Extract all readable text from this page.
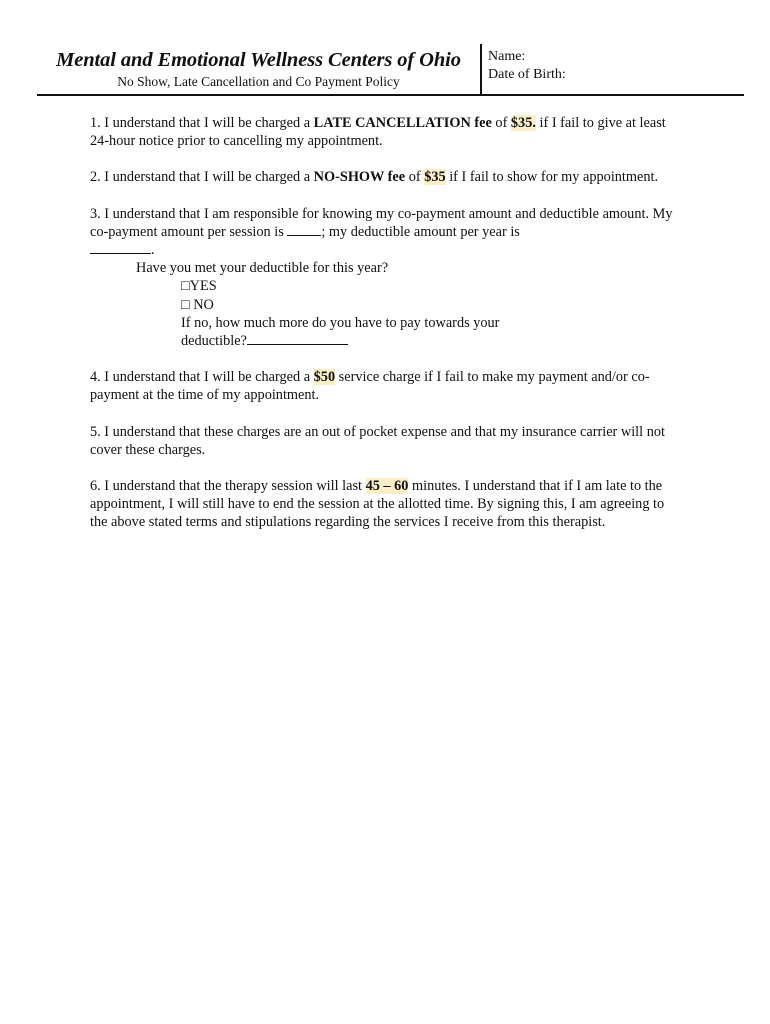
Mental and Emotional Wellness Centers of Ohio
No Show, Late Cancellation and Co Payment Policy
Name:
Date of Birth:

1. I understand that I will be charged a LATE CANCELLATION fee of $35. if I fail to give at least 24-hour notice prior to cancelling my appointment.

2. I understand that I will be charged a NO-SHOW fee of $35 if I fail to show for my appointment.

3. I understand that I am responsible for knowing my co-payment amount and deductible amount. My co-payment amount per session is ; my deductible amount per year is
.
Have you met your deductible for this year?
□YES
□ NO
If no, how much more do you have to pay towards your
deductible?

4. I understand that I will be charged a $50 service charge if I fail to make my payment and/or co-payment at the time of my appointment.

5. I understand that these charges are an out of pocket expense and that my insurance carrier will not cover these charges.

6. I understand that the therapy session will last 45 – 60 minutes. I understand that if I am late to the appointment, I will still have to end the session at the allotted time. By signing this, I am agreeing to the above stated terms and stipulations regarding the services I receive from this therapist.
